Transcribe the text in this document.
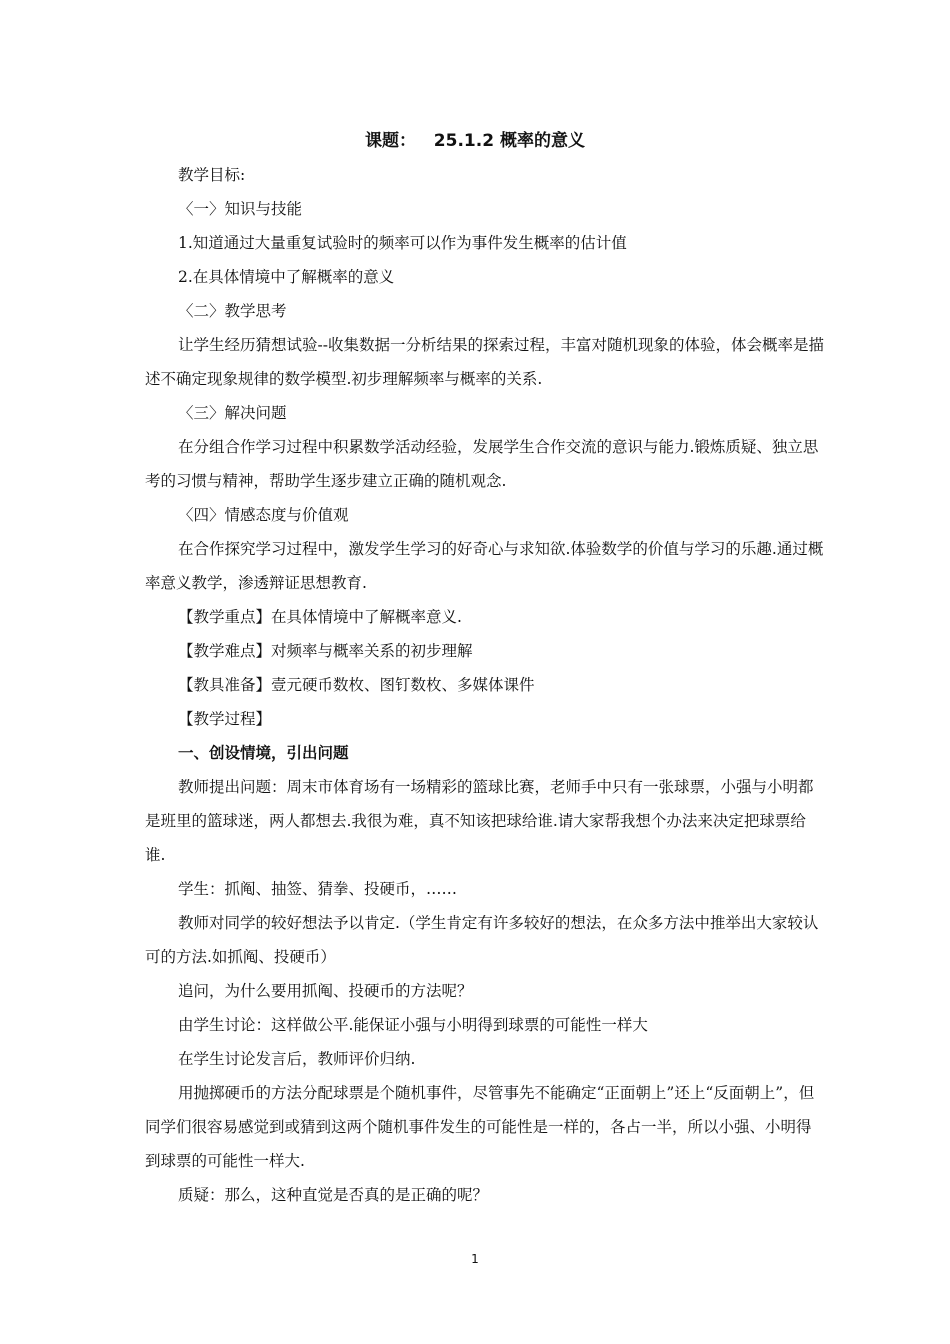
课题：   25.1.2 概率的意义

教学目标:

〈一〉知识与技能

1.知道通过大量重复试验时的频率可以作为事件发生概率的估计值

2.在具体情境中了解概率的意义

〈二〉教学思考

让学生经历猜想试验--收集数据一分析结果的探索过程，丰富对随机现象的体验，体会概率是描述不确定现象规律的数学模型.初步理解频率与概率的关系.

〈三〉解决问题

在分组合作学习过程中积累数学活动经验，发展学生合作交流的意识与能力.锻炼质疑、独立思考的习惯与精神，帮助学生逐步建立正确的随机观念.

〈四〉情感态度与价值观

在合作探究学习过程中，激发学生学习的好奇心与求知欲.体验数学的价值与学习的乐趣.通过概率意义教学，渗透辩证思想教育.

【教学重点】在具体情境中了解概率意义.

【教学难点】对频率与概率关系的初步理解

【教具准备】壹元硬币数枚、图钉数枚、多媒体课件

【教学过程】

一、创设情境，引出问题

教师提出问题：周末市体育场有一场精彩的篮球比赛，老师手中只有一张球票，小强与小明都是班里的篮球迷，两人都想去.我很为难，真不知该把球给谁.请大家帮我想个办法来决定把球票给谁.

学生：抓阄、抽签、猜拳、投硬币，……

教师对同学的较好想法予以肯定.（学生肯定有许多较好的想法，在众多方法中推举出大家较认可的方法.如抓阄、投硬币）

追问，为什么要用抓阄、投硬币的方法呢？

由学生讨论：这样做公平.能保证小强与小明得到球票的可能性一样大

在学生讨论发言后，教师评价归纳.

用抛掷硬币的方法分配球票是个随机事件，尽管事先不能确定“正面朝上”还上“反面朝上”，但同学们很容易感觉到或猜到这两个随机事件发生的可能性是一样的，各占一半，所以小强、小明得到球票的可能性一样大.

质疑：那么，这种直觉是否真的是正确的呢？

1
